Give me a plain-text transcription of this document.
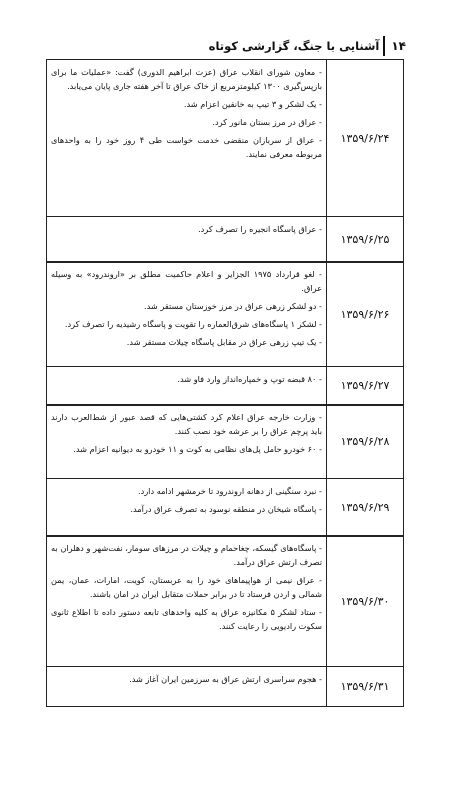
۱۴
آشنایی با جنگ، گزارشی کوتاه
۱۳۵۹/۶/۲۴
- معاون شورای انقلاب عراق (عزت ابراهیم الدوری) گفت: «عملیات ما برای بازپس‌گیری ۱۳۰۰ کیلومترمربع از خاک عراق تا آخر هفته جاری پایان می‌یابد.
- یک لشکر و ۳ تیپ به خانقین اعزام شد.
- عراق در مرز بستان مانور کرد.
- عراق از سربازان منقضی خدمت خواست طی ۴ روز خود را به واحدهای مربوطه معرفی نمایند.
۱۳۵۹/۶/۲۵
- عراق پاسگاه انجیره را تصرف کرد.
۱۳۵۹/۶/۲۶
- لغو قرارداد ۱۹۷۵ الجزایر و اعلام حاکمیت مطلق بر «اروندرود» به وسیله عراق.
- دو لشکر زرهی عراق در مرز خوزستان مستقر شد.
- لشکر ۱ پاسگاه‌های شرق‌العماره را تقویت و پاسگاه رشیدیه را تصرف کرد.
- یک تیپ زرهی عراق در مقابل پاسگاه چیلات مستقر شد.
۱۳۵۹/۶/۲۷
- ۸۰ قبضه توپ و خمپاره‌انداز وارد فاو شد.
۱۳۵۹/۶/۲۸
- وزارت خارجه عراق اعلام کرد کشتی‌هایی که قصد عبور از شط‌العرب دارند باید پرچم عراق را بر عرشه خود نصب کنند.
- ۶۰ خودرو حامل پل‌های نظامی به کوت و ۱۱ خودرو به دیوانیه اعزام شد.
۱۳۵۹/۶/۲۹
- نبرد سنگینی از دهانه اروندرود تا خرمشهر ادامه دارد.
- پاسگاه شیخان در منطقه نوسود به تصرف عراق درآمد.
۱۳۵۹/۶/۳۰
- پاسگاه‌های گیسکه، چغاحمام و چیلات در مرزهای سومار، نفت‌شهر و دهلران به تصرف ارتش عراق درآمد.
- عراق نیمی از هواپیماهای خود را به عربستان، کویت، امارات، عمان، یمن شمالی و اردن فرستاد تا در برابر حملات متقابل ایران در امان باشند.
- ستاد لشکر ۵ مکانیزه عراق به کلیه واحدهای تابعه دستور داده تا اطلاع ثانوی سکوت رادیویی را رعایت کنند.
۱۳۵۹/۶/۳۱
- هجوم سراسری ارتش عراق به سرزمین ایران آغاز شد.
